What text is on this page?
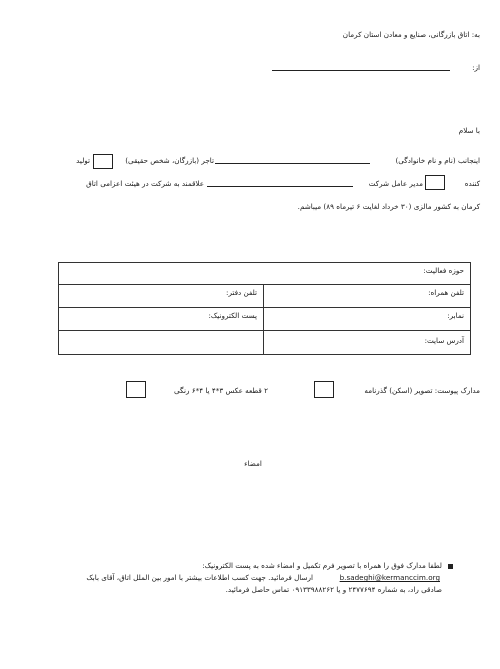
به: اتاق بازرگانی، صنایع و معادن استان کرمان
از:
با سلام
اینجانب (نام و نام خانوادگی)
تاجر (بازرگان، شخص حقیقی)
تولید
کننده
مدیر عامل شرکت
علاقمند به شرکت در هیئت اعزامی اتاق
کرمان به کشور مالزی (۳۰ خرداد لغایت ۶ تیرماه ۸۹) میباشم.
حوزه فعالیت:
تلفن دفتر:	تلفن همراه:
پست الکترونیک:	نمابر:
آدرس سایت:
مدارک پیوست: تصویر (اسکن) گذرنامه
۲ قطعه عکس ۳*۴ یا ۴*۶ رنگی
امضاء
لطفا مدارک فوق را همراه با تصویر فرم تکمیل و امضاء شده به پست الکترونیک:
b.sadeghi@kermanccim.org
ارسال فرمائید. جهت کسب اطلاعات بیشتر با امور بین الملل اتاق، آقای بابک
صادقی راد، به شماره ۲۴۷۷۶۹۴ و یا ۰۹۱۳۳۹۸۸۲۶۲ تماس حاصل فرمائید.
